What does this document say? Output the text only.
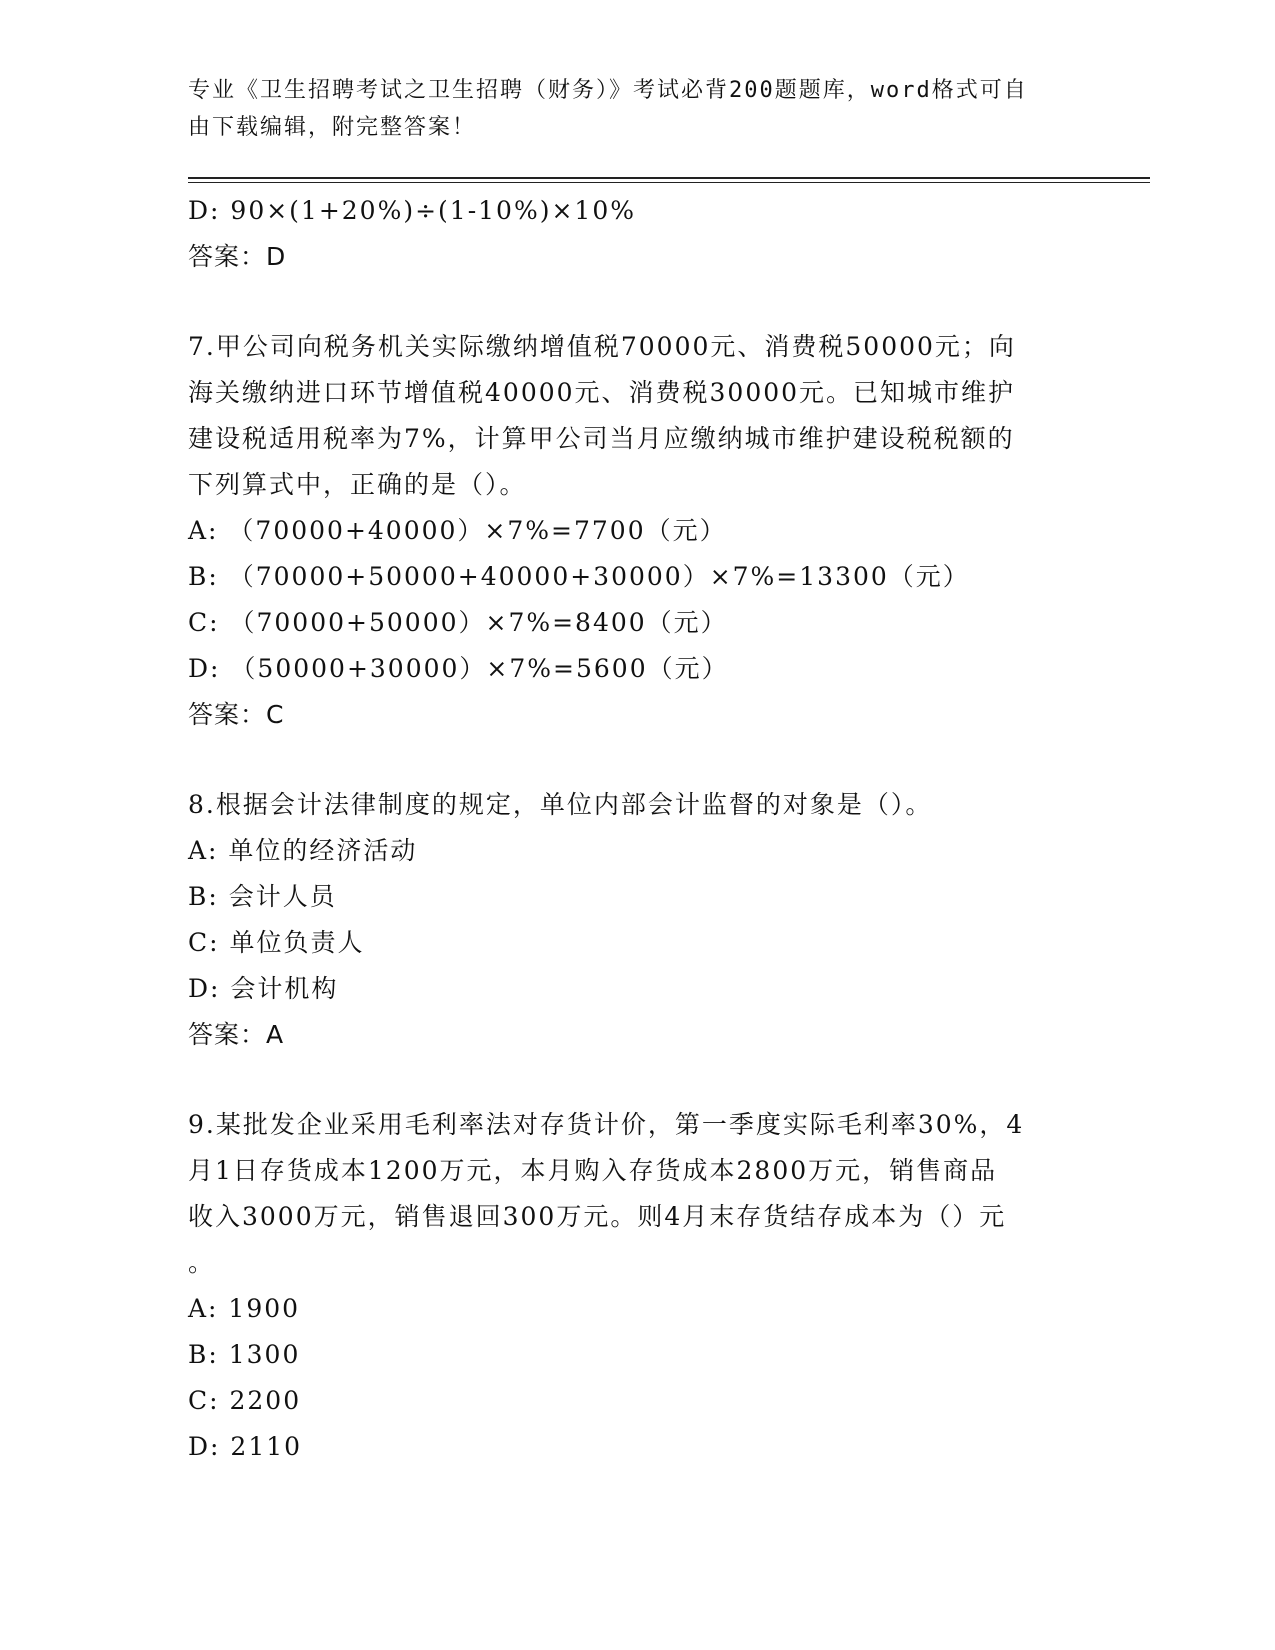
专业《卫生招聘考试之卫生招聘（财务）》考试必背200题题库，word格式可自
由下载编辑，附完整答案！
D: 90×(1+20%)÷(1-10%)×10%
答案：D
7.甲公司向税务机关实际缴纳增值税70000元、消费税50000元；向
海关缴纳进口环节增值税40000元、消费税30000元。已知城市维护
建设税适用税率为7%，计算甲公司当月应缴纳城市维护建设税税额的
下列算式中，正确的是（）。
A: （70000+40000）×7%=7700（元）
B: （70000+50000+40000+30000）×7%=13300（元）
C: （70000+50000）×7%=8400（元）
D: （50000+30000）×7%=5600（元）
答案：C
8.根据会计法律制度的规定，单位内部会计监督的对象是（）。
A: 单位的经济活动
B: 会计人员
C: 单位负责人
D: 会计机构
答案：A
9.某批发企业采用毛利率法对存货计价，第一季度实际毛利率30%，4
月1日存货成本1200万元，本月购入存货成本2800万元，销售商品
收入3000万元，销售退回300万元。则4月末存货结存成本为（）元
。
A: 1900
B: 1300
C: 2200
D: 2110
